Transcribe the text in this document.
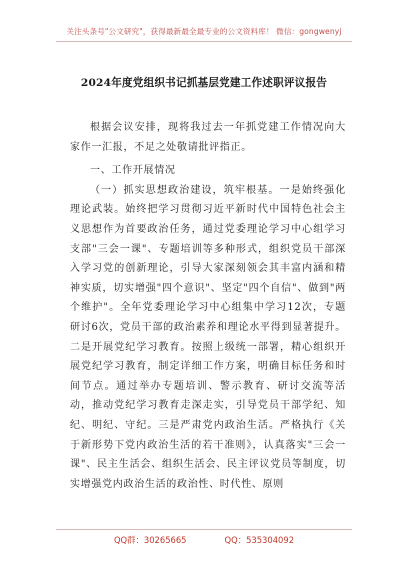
关注头条号"公文研究"，获得最新最全最专业的公文资料库！ 微信：gongwenyj
2024年度党组织书记抓基层党建工作述职评议报告

根据会议安排，现将我过去一年抓党建工作情况向大家作一汇报，不足之处敬请批评指正。

一、工作开展情况

（一）抓实思想政治建设，筑牢根基。一是始终强化理论武装。始终把学习贯彻习近平新时代中国特色社会主义思想作为首要政治任务，通过党委理论学习中心组学习支部"三会一课"、专题培训等多种形式，组织党员干部深入学习党的创新理论，引导大家深刻领会其丰富内涵和精神实质，切实增强"四个意识"、坚定"四个自信"、做到"两个维护"。全年党委理论学习中心组集中学习12次，专题研讨6次，党员干部的政治素养和理论水平得到显著提升。二是开展党纪学习教育。按照上级统一部署，精心组织开展党纪学习教育，制定详细工作方案，明确目标任务和时间节点。通过举办专题培训、警示教育、研讨交流等活动，推动党纪学习教育走深走实，引导党员干部学纪、知纪、明纪、守纪。三是严肃党内政治生活。严格执行《关于新形势下党内政治生活的若干准则》，认真落实"三会一课"、民主生活会、组织生活会、民主评议党员等制度，切实增强党内政治生活的政治性、时代性、原则

QQ群：30265665	QQ：535304092
